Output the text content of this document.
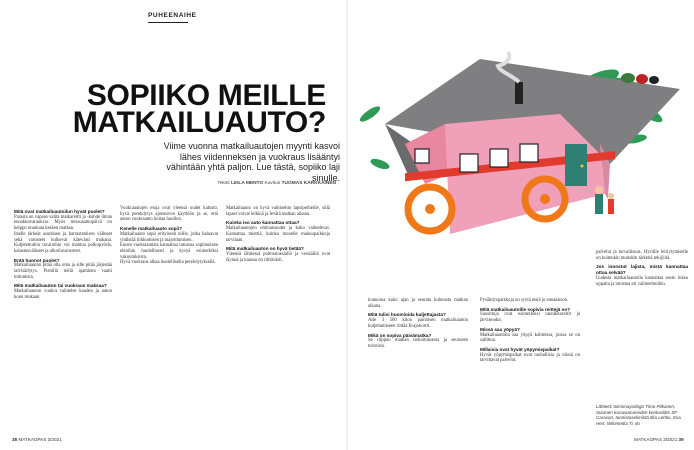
PUHEENAIHE
SOPIIKO MEILLE
MATKAILUAUTO?
Viime vuonna matkailuautojen myynti kasvoi lähes viidenneksen ja vuokraus lisääntyi vähintään yhtä paljon. Lue tästä, sopiiko laji sinulle.
Teksti LEILA MENTO Kuvitus TUOMAS KÄRKKÄINEN
Mitä ovat matkailuautoilun hyvät puolet?

Parasta on vapaus valita matkareitti ja -kohde ilman ennakkovarauksia. Myös reissuaamupäivä on helppo muokata kesken matkan.

Itselle tärkeät asumisen ja harrastamisen välineet sekä varusteet kulkevat kätevästi mukana. Kuljetettuihin tavaroihin voi mahtua polkupyörät, kalastusvälineet ja ulkoiluvarusteet.

Entä huonot puolet?

Matkailuauton pitää olla oma ja sille pitää järjestää talvisäilytys. Pienillä teillä ajaminen vaatii tottumista.

Mitä matkailuauton tai vuokraus maksaa?

Matkailuauton vuokra vaihtelee kauden ja auton koon mukaan.

Vuokraautojen etuja ovat yleensä uudet kalusto, hyvä perehdytys ajoneuvon käyttöön ja se, että auton vuokraamo hoitaa huollon.

Kenelle matkailuauto sopii?

Matkailuauto sopii erityisesti niille, jotka haluavat yhdistää liikkumisen ja majoittumisen.

Ennen vuokraamista kannattaa tutustua sopimuksen ehtoihin huolellisesti ja kysyä esimerkiksi vakuutuksista.

Hyvä vuokraus alkaa huolellisella perehdytyksellä.

Matkailuauto on hyvä vaihtoehto lapsiperheille, sillä lapset voivat leikkiä ja levätä matkan aikana.

Kuinka iso auto kannattaa ottaa?

Matkailuautojen ominaisuudet ja koko vaihtelevat. Kannattaa miettiä, kuinka monelle makuupaikkoja tarvitaan.

Mitä matkailuauton on hyvä tietää?

Yleensä lähtiessä polttoainesäiliö ja vesisäiliö ovat täynnä ja kaasua on riittävästi.

kunnossa koko ajan ja seurata kulutusta matkan aikana.

Mitä tulisi huomioida kuljettajasta?

Alle 3 500 kilon painoisen matkailuauton kuljettamiseen riittää B-ajokortti.

Mikä on sopiva päivämatka?

Se riippuu matkan tarkoituksesta ja seurueen toiveista.

Pysähdyspaikkoja on syytä etsiä jo ennakkoon.

Mitä matkailuautoille sopivia reittejä on?

Suosittuja ovat esimerkiksi rannikkoreitit ja järviseudut.

Missä saa yöpyä?

Matkailuautolla saa yöpyä kohteissa, joissa se on sallittua.

Millaisia ovat hyvät yöpymispaikat?

Hyvät yöpymispaikat ovat rauhallisia ja niissä on tarvittavat palvelut.

palvelut ja turvallisuus. Hyvälle leiriytymiselle on kuitenkin muitakin tärkeitä tekijöitä.

Jos innostut lajista, mistä kannattaa ottaa selvää?

Uudesta matkailuautolla kannattaa ensin lukea oppaita ja tutustua eri vaihtoehtoihin.

Lähteet: toimimayodogo Timo Pitkanen, Suomen karavaanareiden kenkaslitto SF-Caravan, tunnistuselimistä Ilka Lehtio, Eva Hert. Wikimedia Ti. Ilo
38 MATKAOPAS 3/2021	MATKAOPAS 3/2021 39
